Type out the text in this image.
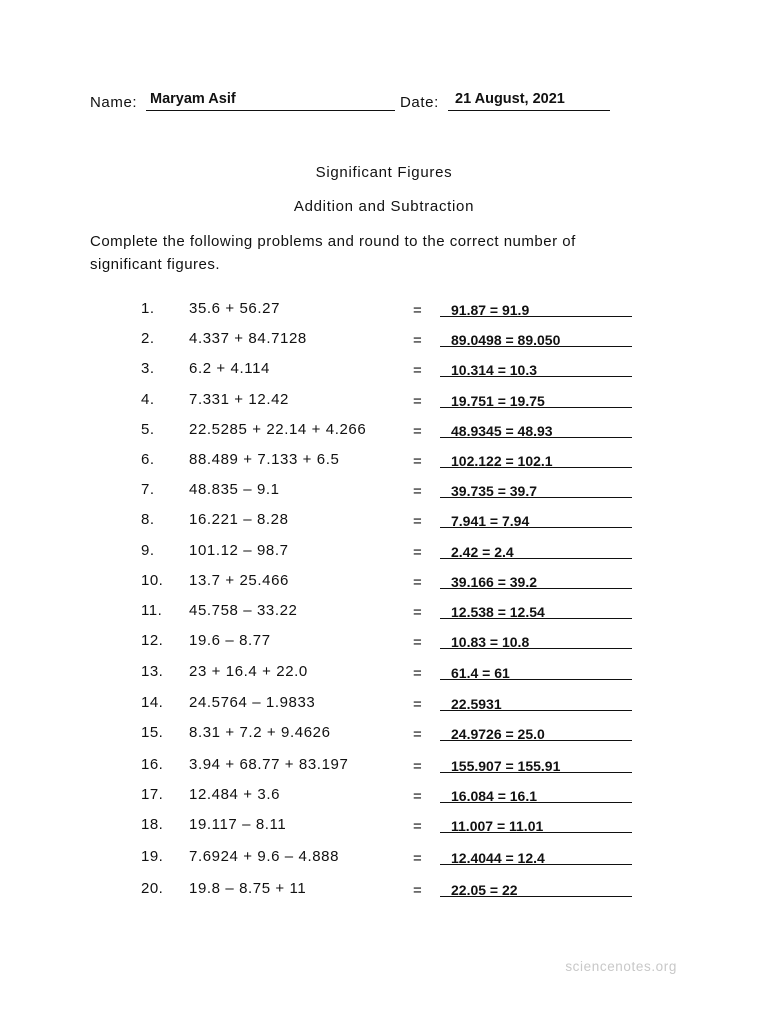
Name: Maryam Asif	Date: 21 August, 2021
Significant Figures
Addition and Subtraction
Complete the following problems and round to the correct number of significant figures.
1. 35.6 + 56.27	= 91.87 = 91.9
2. 4.337 + 84.7128	= 89.0498 = 89.050
3. 6.2 + 4.114	= 10.314 = 10.3
4. 7.331 + 12.42	= 19.751 = 19.75
5. 22.5285 + 22.14 + 4.266	= 48.9345 = 48.93
6. 88.489 + 7.133 + 6.5	= 102.122 = 102.1
7. 48.835 – 9.1	= 39.735 = 39.7
8. 16.221 – 8.28	= 7.941 = 7.94
9. 101.12 – 98.7	= 2.42 = 2.4
10. 13.7 + 25.466	= 39.166 = 39.2
11. 45.758 – 33.22	= 12.538 = 12.54
12. 19.6 – 8.77	= 10.83 = 10.8
13. 23 + 16.4 + 22.0	= 61.4 = 61
14. 24.5764 – 1.9833	= 22.5931
15. 8.31 + 7.2 + 9.4626	= 24.9726 = 25.0
16. 3.94 + 68.77 + 83.197	= 155.907 = 155.91
17. 12.484 + 3.6	= 16.084 = 16.1
18. 19.117 – 8.11	= 11.007 = 11.01
19. 7.6924 + 9.6 – 4.888	= 12.4044 = 12.4
20. 19.8 – 8.75 + 11	= 22.05 = 22
sciencenotes.org
